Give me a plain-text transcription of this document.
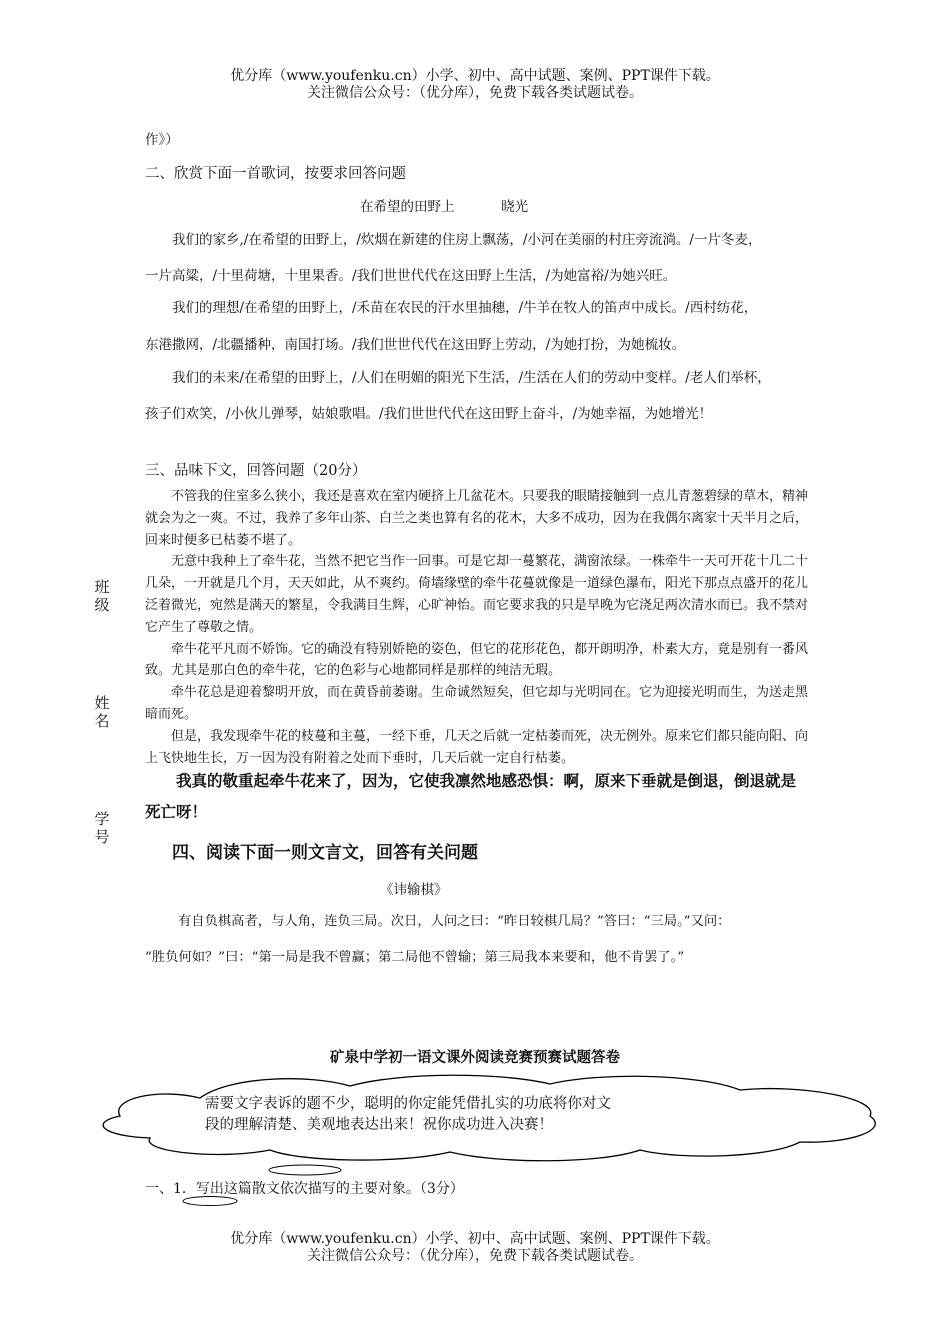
优分库（www.youfenku.cn）小学、初中、高中试题、案例、PPT课件下载。
关注微信公众号：（优分库），免费下载各类试题试卷。
作》）
二、欣赏下面一首歌词，按要求回答问题
在希望的田野上	晓光
我们的家乡,/在希望的田野上，/炊烟在新建的住房上飘荡，/小河在美丽的村庄旁流淌。/一片冬麦，
一片高粱，/十里荷塘，十里果香。/我们世世代代在这田野上生活，/为她富裕/为她兴旺。
我们的理想/在希望的田野上，/禾苗在农民的汗水里抽穗，/牛羊在牧人的笛声中成长。/西村纺花，
东港撒网，/北疆播种，南国打场。/我们世世代代在这田野上劳动，/为她打扮，为她梳妆。
我们的未来/在希望的田野上，/人们在明媚的阳光下生活，/生活在人们的劳动中变样。/老人们举杯，
孩子们欢笑，/小伙儿弹琴，姑娘歌唱。/我们世世代代在这田野上奋斗，/为她幸福，为她增光！
三、品味下文，回答问题（20分）
不管我的住室多么狭小，我还是喜欢在室内硬挤上几盆花木。只要我的眼睛接触到一点儿青葱碧绿的草木，精神就会为之一爽。不过，我养了多年山茶、白兰之类也算有名的花木，大多不成功，因为在我偶尔离家十天半月之后，回来时便多已枯萎不堪了。
无意中我种上了牵牛花，当然不把它当作一回事。可是它却一蔓繁花，满窗浓绿。一株牵牛一天可开花十几二十几朵，一开就是几个月，天天如此，从不爽约。倚墙缘壁的牵牛花蔓就像是一道绿色瀑布，阳光下那点点盛开的花儿泛着微光，宛然是满天的繁星，令我满目生辉，心旷神怡。而它要求我的只是早晚为它浇足两次清水而已。我不禁对它产生了尊敬之情。
牵牛花平凡而不娇饰。它的确没有特别娇艳的姿色，但它的花形花色，都开朗明净，朴素大方，竟是别有一番风致。尤其是那白色的牵牛花，它的色彩与心地都同样是那样的纯洁无瑕。
牵牛花总是迎着黎明开放，而在黄昏前萎谢。生命诚然短矣，但它却与光明同在。它为迎接光明而生，为送走黑暗而死。
但是，我发现牵牛花的枝蔓和主蔓，一经下垂，几天之后就一定枯萎而死，决无例外。原来它们都只能向阳、向上飞快地生长，万一因为没有附着之处而下垂时，几天后就一定自行枯萎。
我真的敬重起牵牛花来了，因为，它使我凛然地感恐惧：啊，原来下垂就是倒退，倒退就是死亡呀！
班级
姓名
学号
四、阅读下面一则文言文，回答有关问题
《讳输棋》
有自负棋高者，与人角，连负三局。次日，人问之曰：“昨日较棋几局？”答曰：“三局。”又问：
“胜负何如？”曰：“第一局是我不曾赢；第二局他不曾输；第三局我本来要和，他不肯罢了。”
矿泉中学初一语文课外阅读竞赛预赛试题答卷
需要文字表诉的题不少，聪明的你定能凭借扎实的功底将你对文
段的理解清楚、美观地表达出来！祝你成功进入决赛！
一、1．写出这篇散文依次描写的主要对象。（3分）
优分库（www.youfenku.cn）小学、初中、高中试题、案例、PPT课件下载。
关注微信公众号：（优分库），免费下载各类试题试卷。
